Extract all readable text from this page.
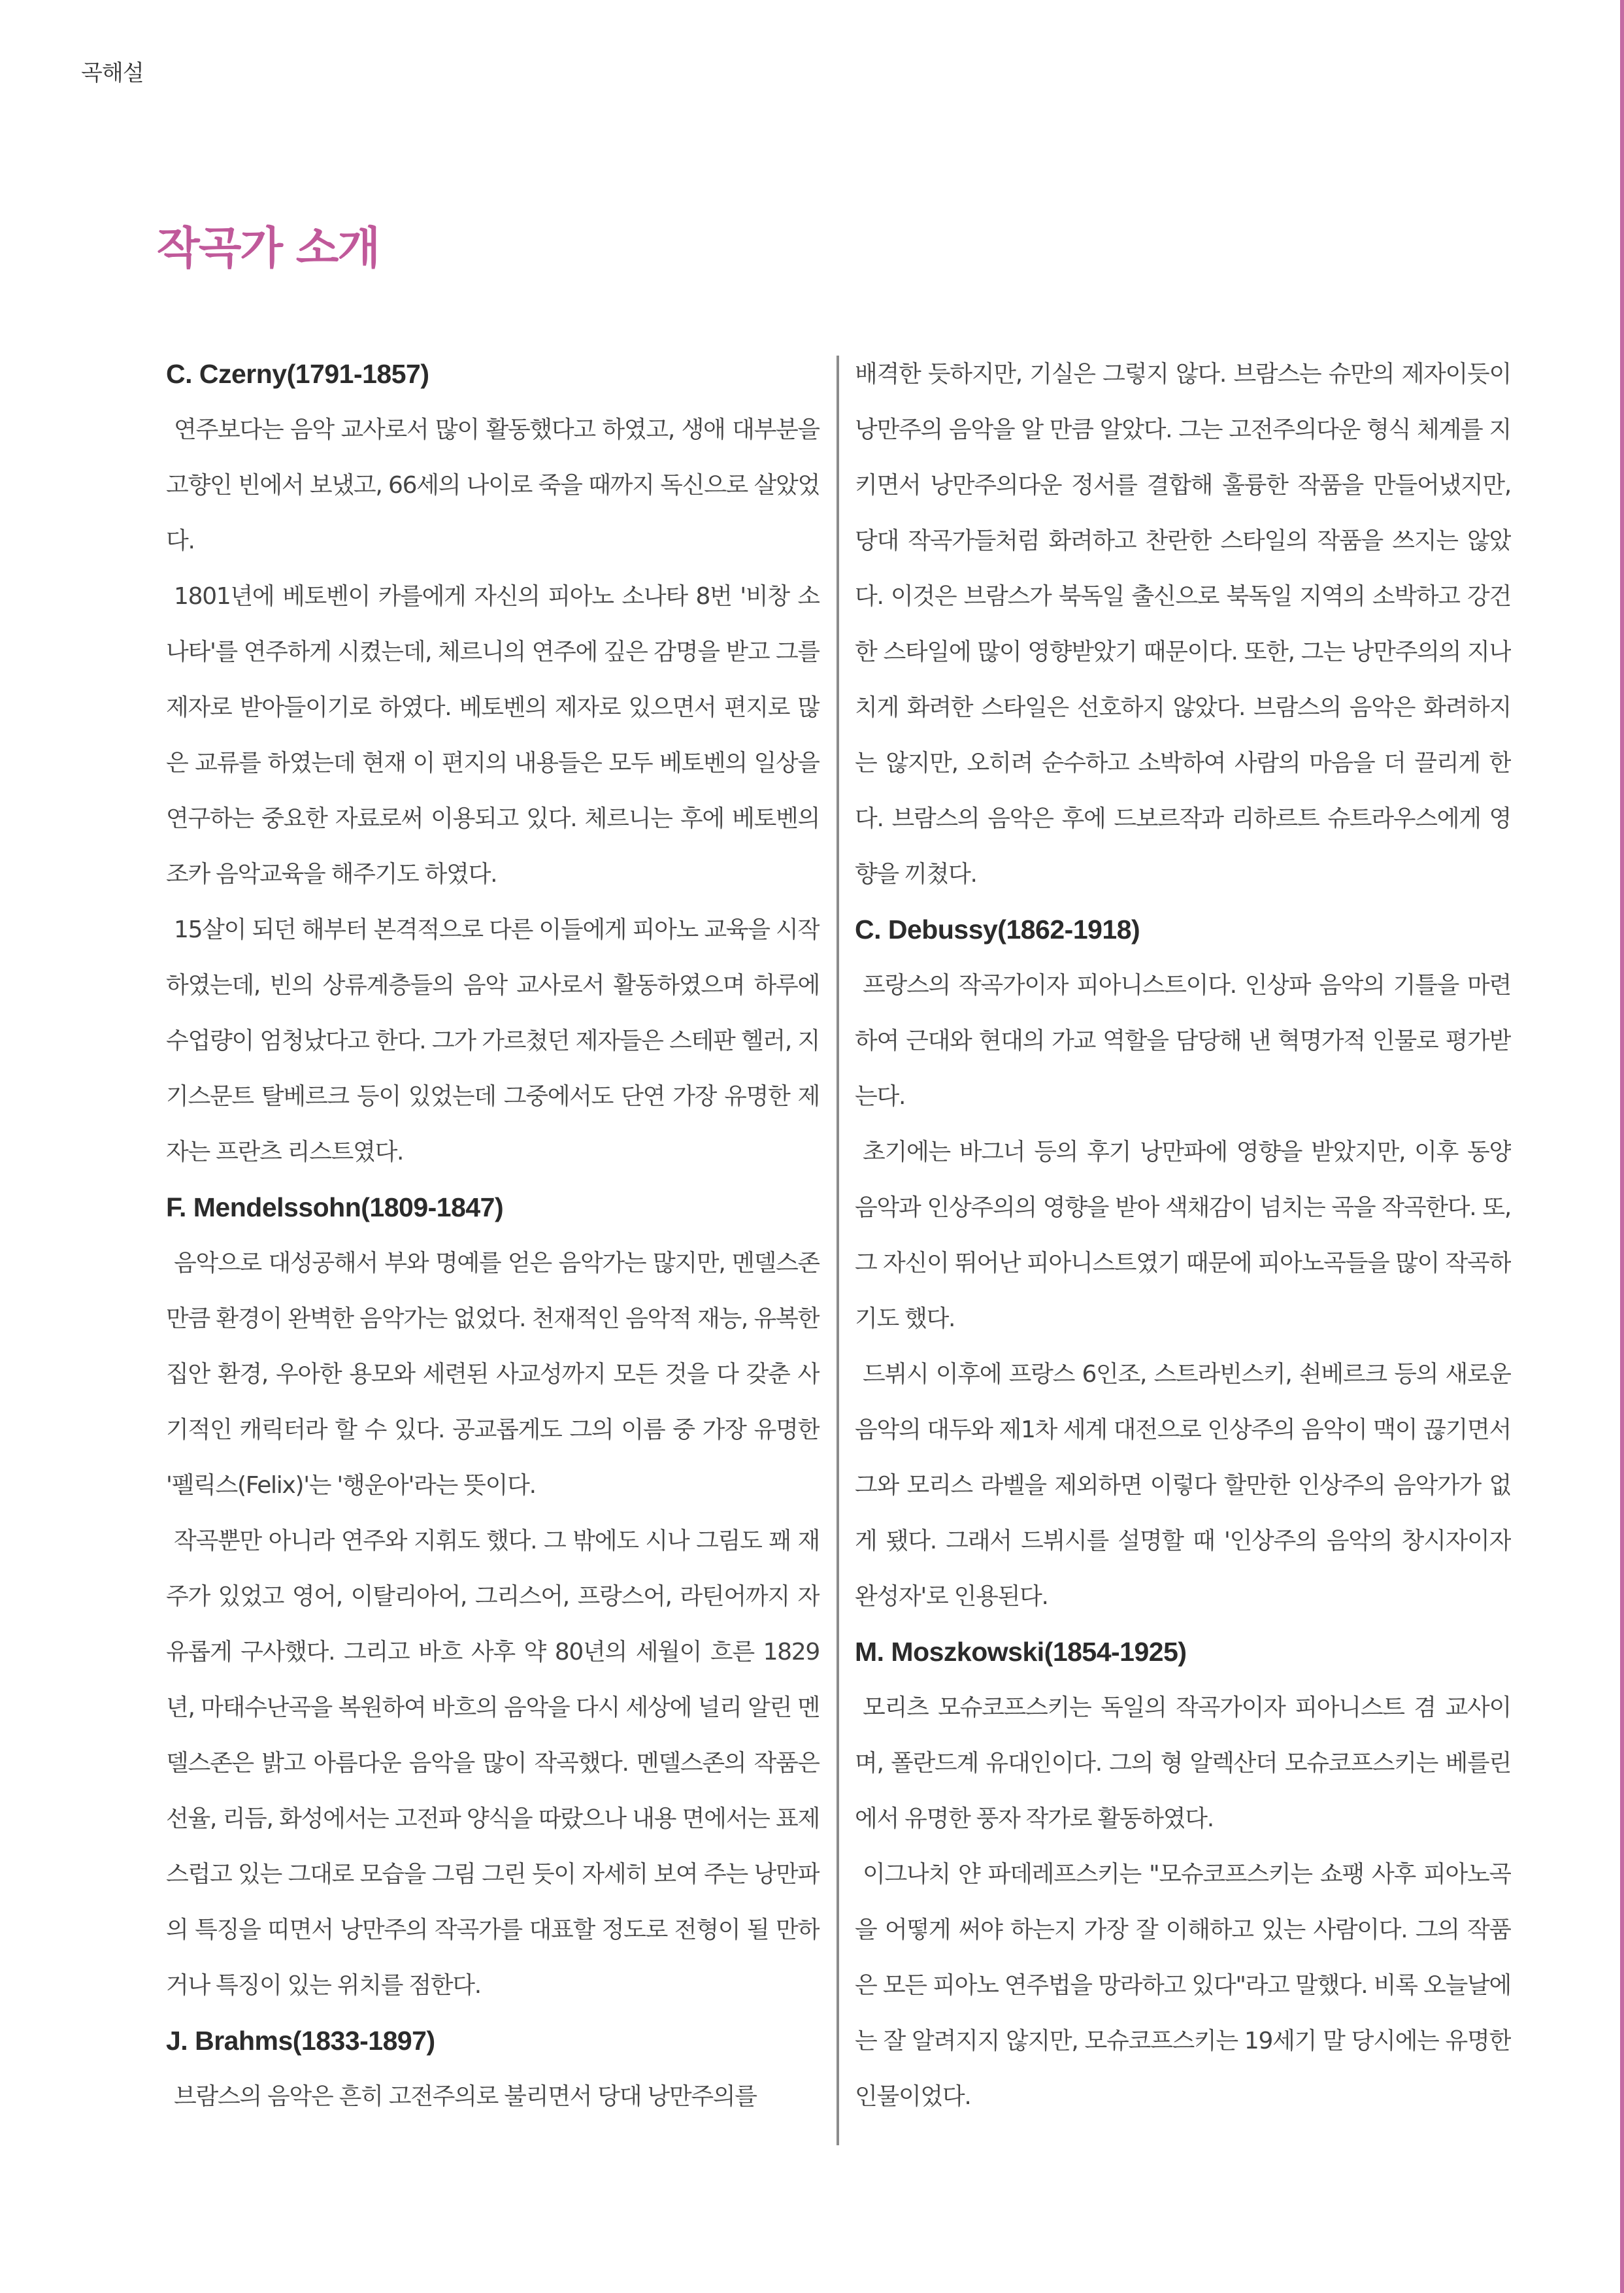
곡해설
작곡가 소개
C. Czerny(1791-1857)

연주보다는 음악 교사로서 많이 활동했다고 하였고, 생애 대부분을 고향인 빈에서 보냈고, 66세의 나이로 죽을 때까지 독신으로 살았었다.

1801년에 베토벤이 카를에게 자신의 피아노 소나타 8번 '비창 소나타'를 연주하게 시켰는데, 체르니의 연주에 깊은 감명을 받고 그를 제자로 받아들이기로 하였다. 베토벤의 제자로 있으면서 편지로 많은 교류를 하였는데 현재 이 편지의 내용들은 모두 베토벤의 일상을 연구하는 중요한 자료로써 이용되고 있다. 체르니는 후에 베토벤의 조카 음악교육을 해주기도 하였다.

15살이 되던 해부터 본격적으로 다른 이들에게 피아노 교육을 시작하였는데, 빈의 상류계층들의 음악 교사로서 활동하였으며 하루에 수업량이 엄청났다고 한다. 그가 가르쳤던 제자들은 스테판 헬러, 지기스문트 탈베르크 등이 있었는데 그중에서도 단연 가장 유명한 제자는 프란츠 리스트였다.

F. Mendelssohn(1809-1847)

음악으로 대성공해서 부와 명예를 얻은 음악가는 많지만, 멘델스존만큼 환경이 완벽한 음악가는 없었다. 천재적인 음악적 재능, 유복한 집안 환경, 우아한 용모와 세련된 사교성까지 모든 것을 다 갖춘 사기적인 캐릭터라 할 수 있다. 공교롭게도 그의 이름 중 가장 유명한 '펠릭스(Felix)'는 '행운아'라는 뜻이다.

작곡뿐만 아니라 연주와 지휘도 했다. 그 밖에도 시나 그림도 꽤 재주가 있었고 영어, 이탈리아어, 그리스어, 프랑스어, 라틴어까지 자유롭게 구사했다. 그리고 바흐 사후 약 80년의 세월이 흐른 1829년, 마태수난곡을 복원하여 바흐의 음악을 다시 세상에 널리 알린 멘델스존은 밝고 아름다운 음악을 많이 작곡했다. 멘델스존의 작품은 선율, 리듬, 화성에서는 고전파 양식을 따랐으나 내용 면에서는 표제스럽고 있는 그대로 모습을 그림 그린 듯이 자세히 보여 주는 낭만파의 특징을 띠면서 낭만주의 작곡가를 대표할 정도로 전형이 될 만하거나 특징이 있는 위치를 점한다.

J. Brahms(1833-1897)

브람스의 음악은 흔히 고전주의로 불리면서 당대 낭만주의를

배격한 듯하지만, 기실은 그렇지 않다. 브람스는 슈만의 제자이듯이 낭만주의 음악을 알 만큼 알았다. 그는 고전주의다운 형식 체계를 지키면서 낭만주의다운 정서를 결합해 훌륭한 작품을 만들어냈지만, 당대 작곡가들처럼 화려하고 찬란한 스타일의 작품을 쓰지는 않았다. 이것은 브람스가 북독일 출신으로 북독일 지역의 소박하고 강건한 스타일에 많이 영향받았기 때문이다. 또한, 그는 낭만주의의 지나치게 화려한 스타일은 선호하지 않았다. 브람스의 음악은 화려하지는 않지만, 오히려 순수하고 소박하여 사람의 마음을 더 끌리게 한다. 브람스의 음악은 후에 드보르작과 리하르트 슈트라우스에게 영향을 끼쳤다.

C. Debussy(1862-1918)

프랑스의 작곡가이자 피아니스트이다. 인상파 음악의 기틀을 마련하여 근대와 현대의 가교 역할을 담당해 낸 혁명가적 인물로 평가받는다.

초기에는 바그너 등의 후기 낭만파에 영향을 받았지만, 이후 동양 음악과 인상주의의 영향을 받아 색채감이 넘치는 곡을 작곡한다. 또, 그 자신이 뛰어난 피아니스트였기 때문에 피아노곡들을 많이 작곡하기도 했다.

드뷔시 이후에 프랑스 6인조, 스트라빈스키, 쇤베르크 등의 새로운 음악의 대두와 제1차 세계 대전으로 인상주의 음악이 맥이 끊기면서 그와 모리스 라벨을 제외하면 이렇다 할만한 인상주의 음악가가 없게 됐다. 그래서 드뷔시를 설명할 때 '인상주의 음악의 창시자이자 완성자'로 인용된다.

M. Moszkowski(1854-1925)

모리츠 모슈코프스키는 독일의 작곡가이자 피아니스트 겸 교사이며, 폴란드계 유대인이다. 그의 형 알렉산더 모슈코프스키는 베를린에서 유명한 풍자 작가로 활동하였다.

이그나치 얀 파데레프스키는 "모슈코프스키는 쇼팽 사후 피아노곡을 어떻게 써야 하는지 가장 잘 이해하고 있는 사람이다. 그의 작품은 모든 피아노 연주법을 망라하고 있다"라고 말했다. 비록 오늘날에는 잘 알려지지 않지만, 모슈코프스키는 19세기 말 당시에는 유명한 인물이었다.
